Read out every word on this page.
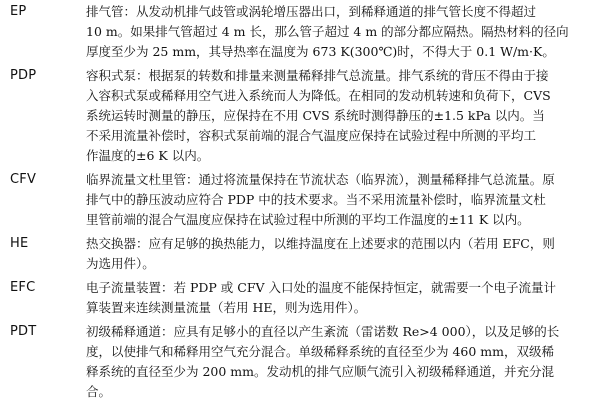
EP	排气管：从发动机排气歧管或涡轮增压器出口，到稀释通道的排气管长度不得超过
10 m。如果排气管超过 4 m 长，那么管子超过 4 m 的部分都应隔热。隔热材料的径向
厚度至少为 25 mm，其导热率在温度为 673 K(300℃)时，不得大于 0.1 W/m·K。
PDP	容积式泵：根据泵的转数和排量来测量稀释排气总流量。排气系统的背压不得由于接
入容积式泵或稀释用空气进入系统而人为降低。在相同的发动机转速和负荷下，CVS
系统运转时测量的静压，应保持在不用 CVS 系统时测得静压的±1.5 kPa 以内。当
不采用流量补偿时，容积式泵前端的混合气温度应保持在试验过程中所测的平均工
作温度的±6 K 以内。
CFV	临界流量文杜里管：通过将流量保持在节流状态（临界流），测量稀释排气总流量。原
排气中的静压波动应符合 PDP 中的技术要求。当不采用流量补偿时，临界流量文杜
里管前端的混合气温度应保持在试验过程中所测的平均工作温度的±11 K 以内。
HE	热交换器：应有足够的换热能力，以维持温度在上述要求的范围以内（若用 EFC，则
为选用件）。
EFC	电子流量装置：若 PDP 或 CFV 入口处的温度不能保持恒定，就需要一个电子流量计
算装置来连续测量流量（若用 HE，则为选用件）。
PDT	初级稀释通道：应具有足够小的直径以产生紊流（雷诺数 Re>4 000），以及足够的长
度，以使排气和稀释用空气充分混合。单级稀释系统的直径至少为 460 mm，双级稀
释系统的直径至少为 200 mm。发动机的排气应顺气流引入初级稀释通道，并充分混
合。
